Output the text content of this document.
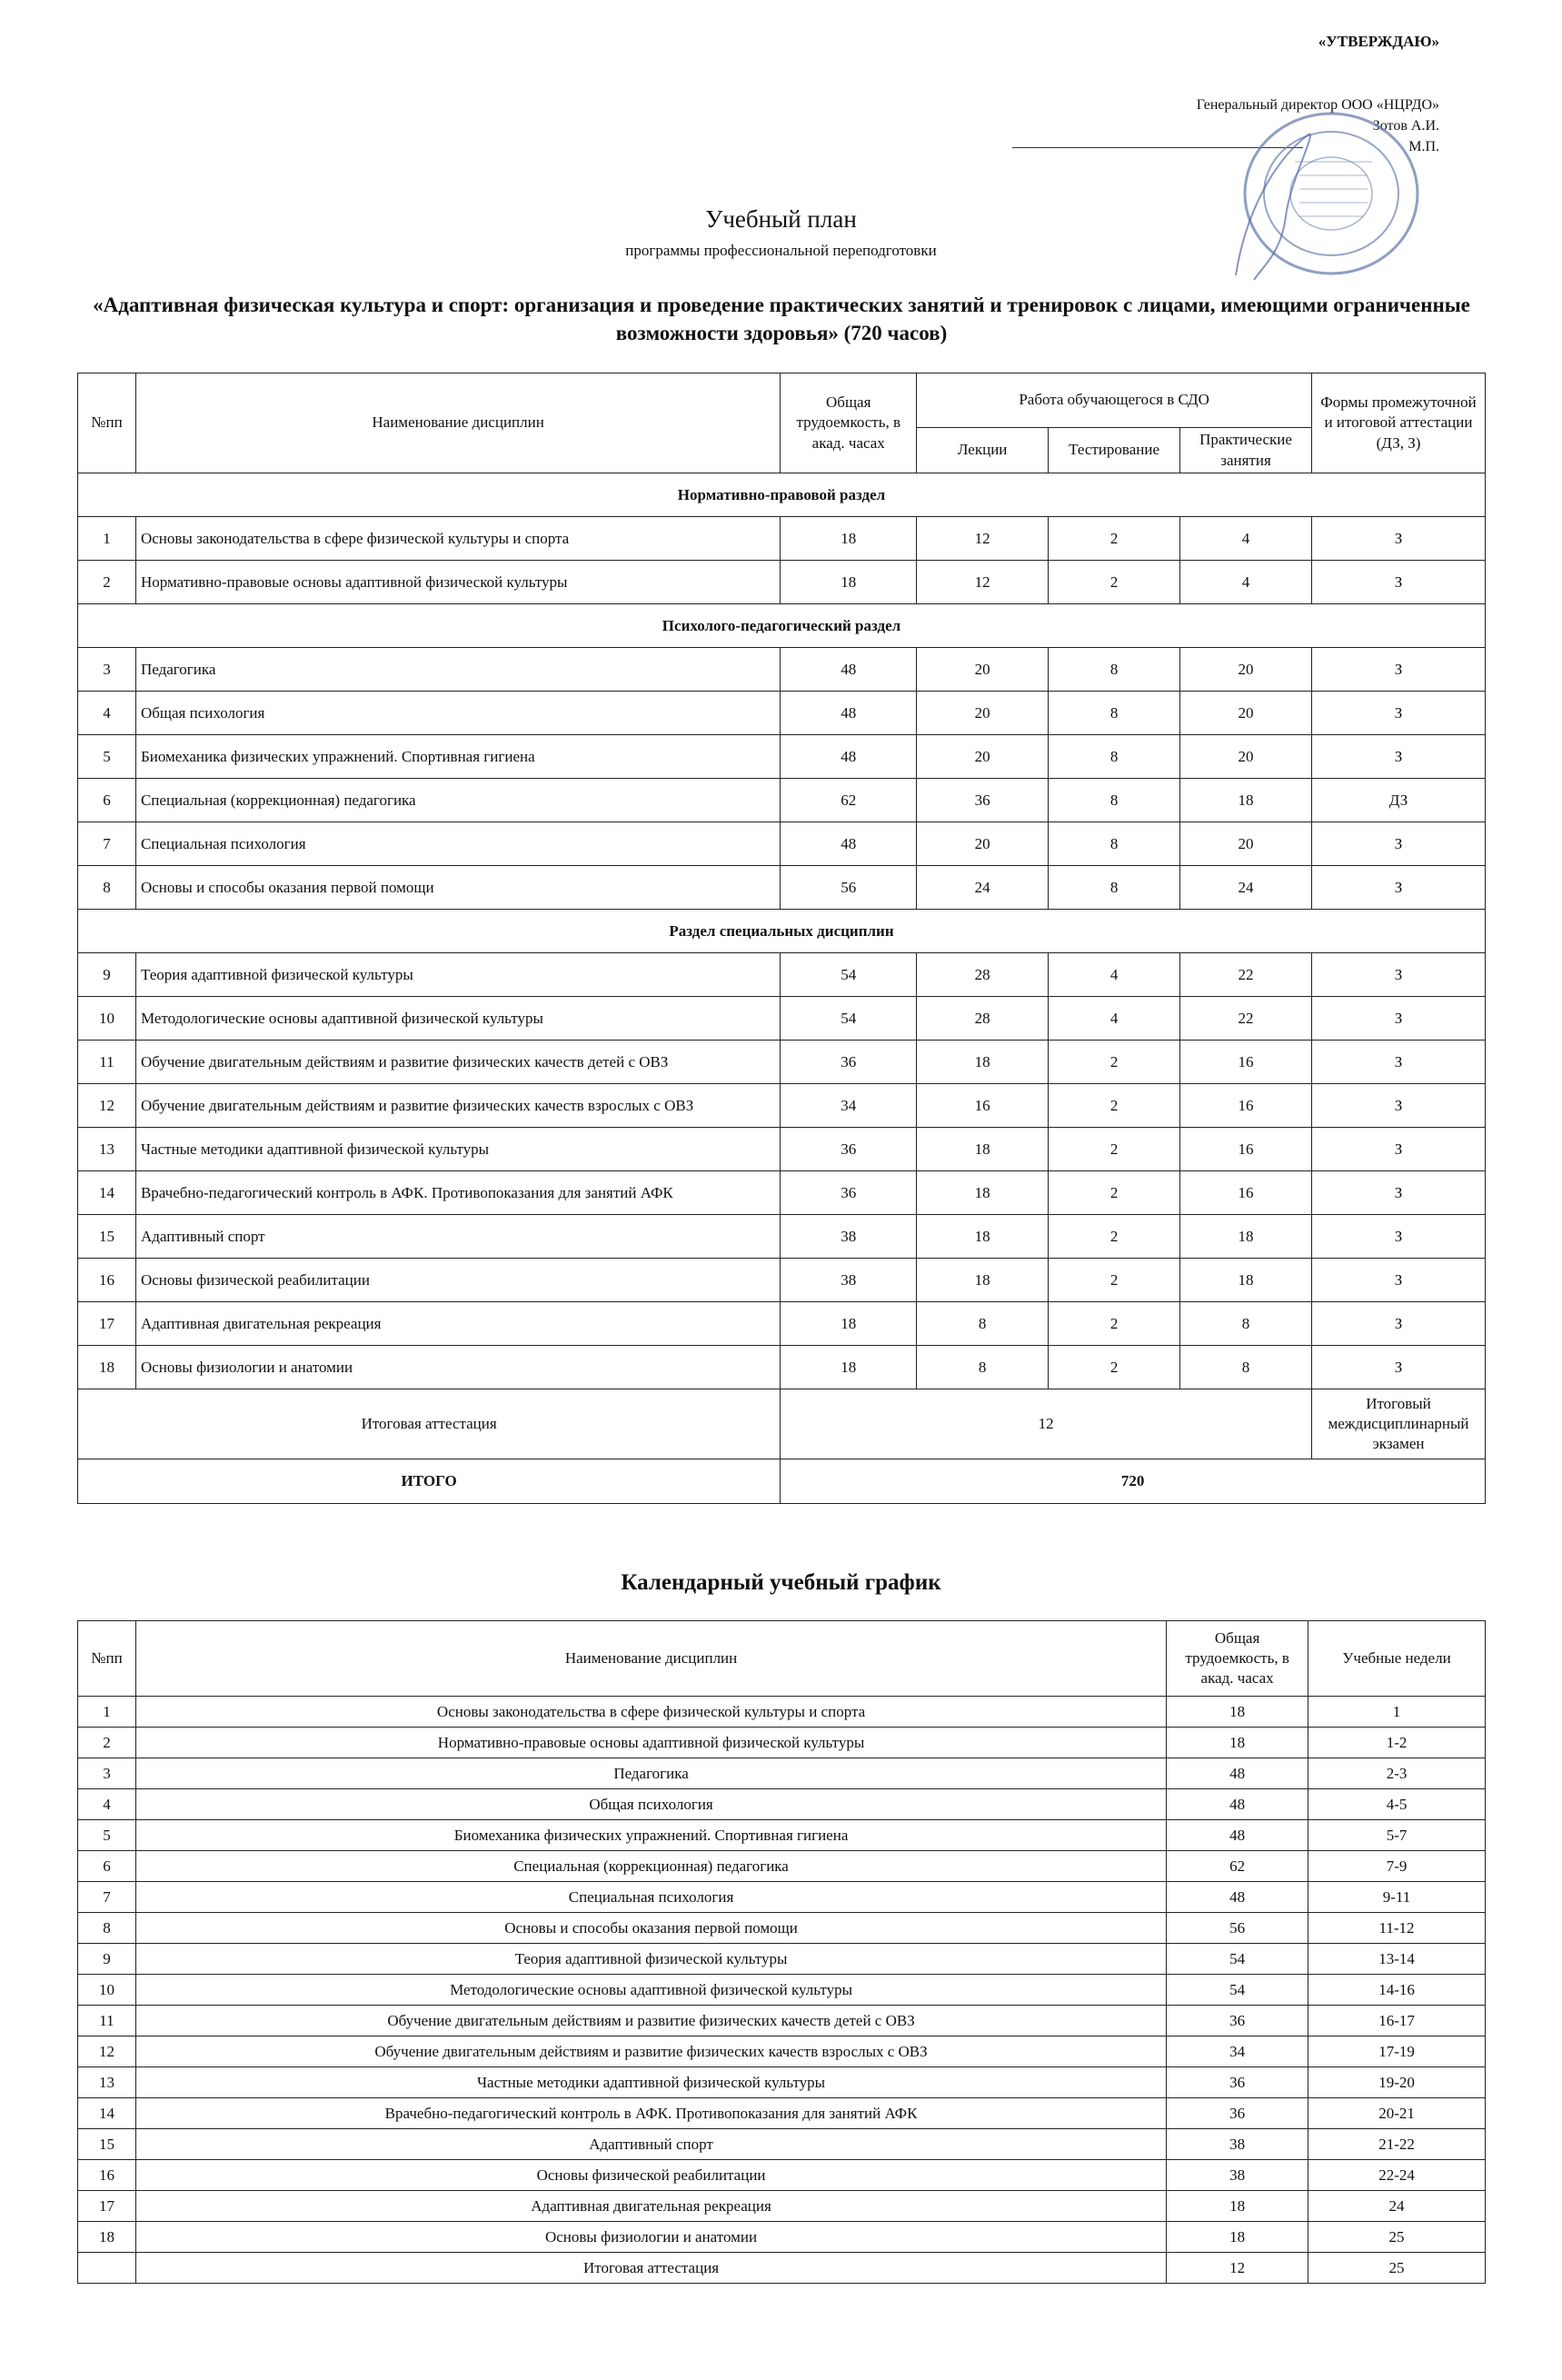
«УТВЕРЖДАЮ»
Генеральный директор ООО «НЦРДО»
Зотов А.И.
М.П.
Учебный план
программы профессиональной переподготовки
«Адаптивная физическая культура и спорт: организация и проведение практических занятий и тренировок с лицами, имеющими ограниченные возможности здоровья» (720 часов)
№пп	Наименование дисциплин	Общая трудоемкость, в акад. часах	Работа обучающегося в СДО			Формы промежуточной и итоговой аттестации (ДЗ, З)
			Лекции	Тестирование	Практические занятия	
Нормативно-правовой раздел						
1	Основы законодательства в сфере физической культуры и спорта	18	12	2	4	З
2	Нормативно-правовые основы адаптивной физической культуры	18	12	2	4	З
Психолого-педагогический раздел						
3	Педагогика	48	20	8	20	З
4	Общая психология	48	20	8	20	З
5	Биомеханика физических упражнений. Спортивная гигиена	48	20	8	20	З
6	Специальная (коррекционная) педагогика	62	36	8	18	ДЗ
7	Специальная психология	48	20	8	20	З
8	Основы и способы оказания первой помощи	56	24	8	24	З
Раздел специальных дисциплин						
9	Теория адаптивной физической культуры	54	28	4	22	З
10	Методологические основы адаптивной физической культуры	54	28	4	22	З
11	Обучение двигательным действиям и развитие физических качеств детей с ОВЗ	36	18	2	16	З
12	Обучение двигательным действиям и развитие физических качеств взрослых с ОВЗ	34	16	2	16	З
13	Частные методики адаптивной физической культуры	36	18	2	16	З
14	Врачебно-педагогический контроль в АФК. Противопоказания для занятий АФК	36	18	2	16	З
15	Адаптивный спорт	38	18	2	18	З
16	Основы физической реабилитации	38	18	2	18	З
17	Адаптивная двигательная рекреация	18	8	2	8	З
18	Основы физиологии и анатомии	18	8	2	8	З
Итоговая аттестация		12				Итоговый междисциплинарный экзамен
ИТОГО		720				
Календарный учебный график
№пп	Наименование дисциплин	Общая трудоемкость, в акад. часах	Учебные недели
1	Основы законодательства в сфере физической культуры и спорта	18	1
2	Нормативно-правовые основы адаптивной физической культуры	18	1-2
3	Педагогика	48	2-3
4	Общая психология	48	4-5
5	Биомеханика физических упражнений. Спортивная гигиена	48	5-7
6	Специальная (коррекционная) педагогика	62	7-9
7	Специальная психология	48	9-11
8	Основы и способы оказания первой помощи	56	11-12
9	Теория адаптивной физической культуры	54	13-14
10	Методологические основы адаптивной физической культуры	54	14-16
11	Обучение двигательным действиям и развитие физических качеств детей с ОВЗ	36	16-17
12	Обучение двигательным действиям и развитие физических качеств взрослых с ОВЗ	34	17-19
13	Частные методики адаптивной физической культуры	36	19-20
14	Врачебно-педагогический контроль в АФК. Противопоказания для занятий АФК	36	20-21
15	Адаптивный спорт	38	21-22
16	Основы физической реабилитации	38	22-24
17	Адаптивная двигательная рекреация	18	24
18	Основы физиологии и анатомии	18	25
	Итоговая аттестация	12	25
